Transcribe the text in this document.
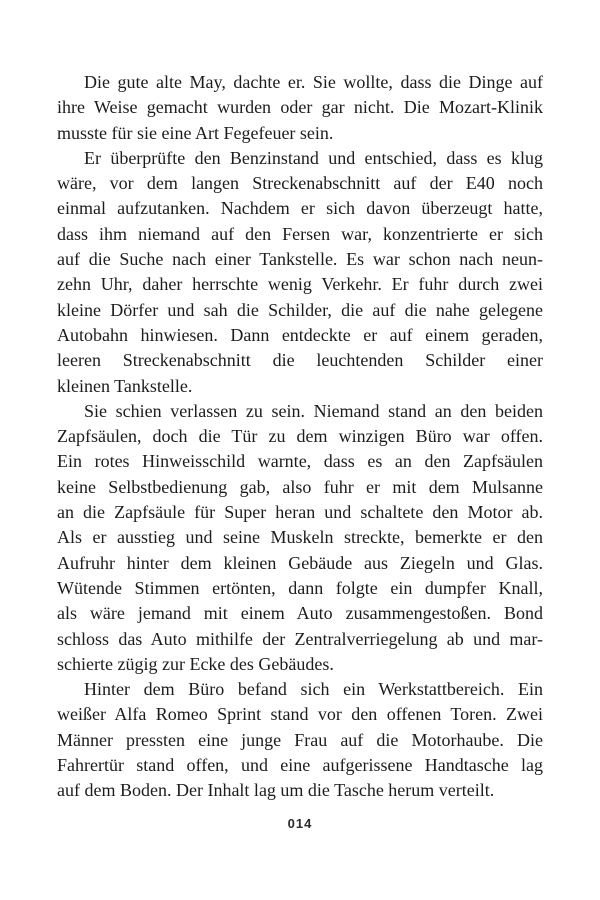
Die gute alte May, dachte er. Sie wollte, dass die Dinge auf
ihre Weise gemacht wurden oder gar nicht. Die Mozart-Klinik
musste für sie eine Art Fegefeuer sein.

Er überprüfte den Benzinstand und entschied, dass es klug
wäre, vor dem langen Streckenabschnitt auf der E40 noch
einmal aufzutanken. Nachdem er sich davon überzeugt hatte,
dass ihm niemand auf den Fersen war, konzentrierte er sich
auf die Suche nach einer Tankstelle. Es war schon nach neun-
zehn Uhr, daher herrschte wenig Verkehr. Er fuhr durch zwei
kleine Dörfer und sah die Schilder, die auf die nahe gelegene
Autobahn hinwiesen. Dann entdeckte er auf einem geraden,
leeren Streckenabschnitt die leuchtenden Schilder einer
kleinen Tankstelle.

Sie schien verlassen zu sein. Niemand stand an den beiden
Zapfsäulen, doch die Tür zu dem winzigen Büro war offen.
Ein rotes Hinweisschild warnte, dass es an den Zapfsäulen
keine Selbstbedienung gab, also fuhr er mit dem Mulsanne
an die Zapfsäule für Super heran und schaltete den Motor ab.
Als er ausstieg und seine Muskeln streckte, bemerkte er den
Aufruhr hinter dem kleinen Gebäude aus Ziegeln und Glas.
Wütende Stimmen ertönten, dann folgte ein dumpfer Knall,
als wäre jemand mit einem Auto zusammengestoßen. Bond
schloss das Auto mithilfe der Zentralverriegelung ab und mar-
schierte zügig zur Ecke des Gebäudes.

Hinter dem Büro befand sich ein Werkstattbereich. Ein
weißer Alfa Romeo Sprint stand vor den offenen Toren. Zwei
Männer pressten eine junge Frau auf die Motorhaube. Die
Fahrertür stand offen, und eine aufgerissene Handtasche lag
auf dem Boden. Der Inhalt lag um die Tasche herum verteilt.

014
